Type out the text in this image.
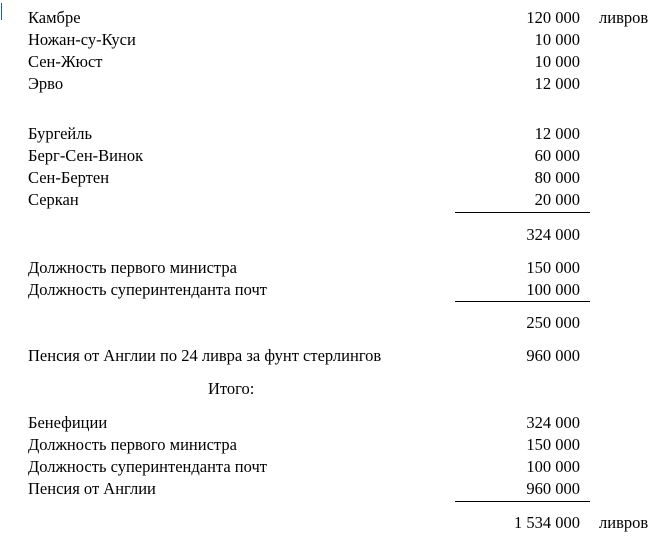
Камбре	120 000 ливров
Ножан-су-Куси	10 000
Сен-Жюст	10 000
Эрво	12 000
Бургейль	12 000
Берг-Сен-Винок	60 000
Сен-Бертен	80 000
Серкан	20 000
324 000
Должность первого министра	150 000
Должность суперинтенданта почт	100 000
250 000
Пенсия от Англии по 24 ливра за фунт стерлингов	960 000
Итого:
Бенефиции	324 000
Должность первого министра	150 000
Должность суперинтенданта почт	100 000
Пенсия от Англии	960 000
1 534 000 ливров
